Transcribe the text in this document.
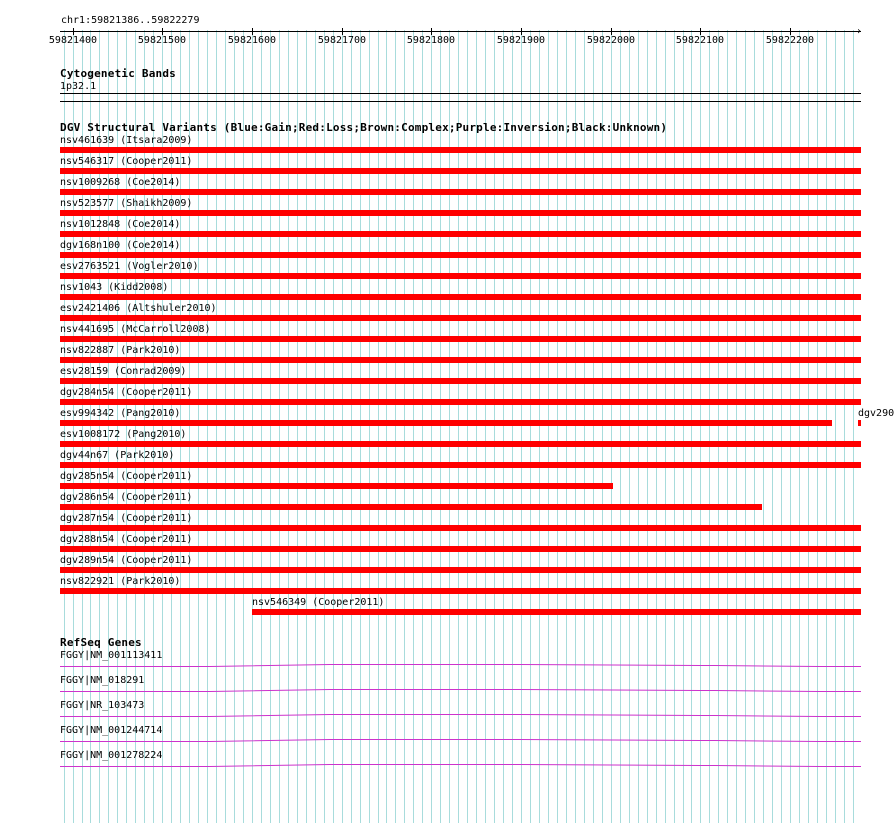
chr1:59821386..59822279
›
59821400	59821500	59821600	59821700	59821800	59821900	59822000	59822100	59822200
Cytogenetic Bands
1p32.1
DGV Structural Variants (Blue:Gain;Red:Loss;Brown:Complex;Purple:Inversion;Black:Unknown)
nsv461639 (Itsara2009)
nsv546317 (Cooper2011)
nsv1009268 (Coe2014)
nsv523577 (Shaikh2009)
nsv1012848 (Coe2014)
dgv168n100 (Coe2014)
esv2763521 (Vogler2010)
nsv1043 (Kidd2008)
esv2421406 (Altshuler2010)
nsv441695 (McCarroll2008)
nsv822887 (Park2010)
esv28159 (Conrad2009)
dgv284n54 (Cooper2011)
esv994342 (Pang2010)
esv1008172 (Pang2010)
dgv44n67 (Park2010)
dgv285n54 (Cooper2011)
dgv286n54 (Cooper2011)
dgv287n54 (Cooper2011)
dgv288n54 (Cooper2011)
dgv289n54 (Cooper2011)
nsv822921 (Park2010)
nsv546349 (Cooper2011)
dgv290
RefSeq Genes
FGGY|NM_001113411
FGGY|NM_018291
FGGY|NR_103473
FGGY|NM_001244714
FGGY|NM_001278224
